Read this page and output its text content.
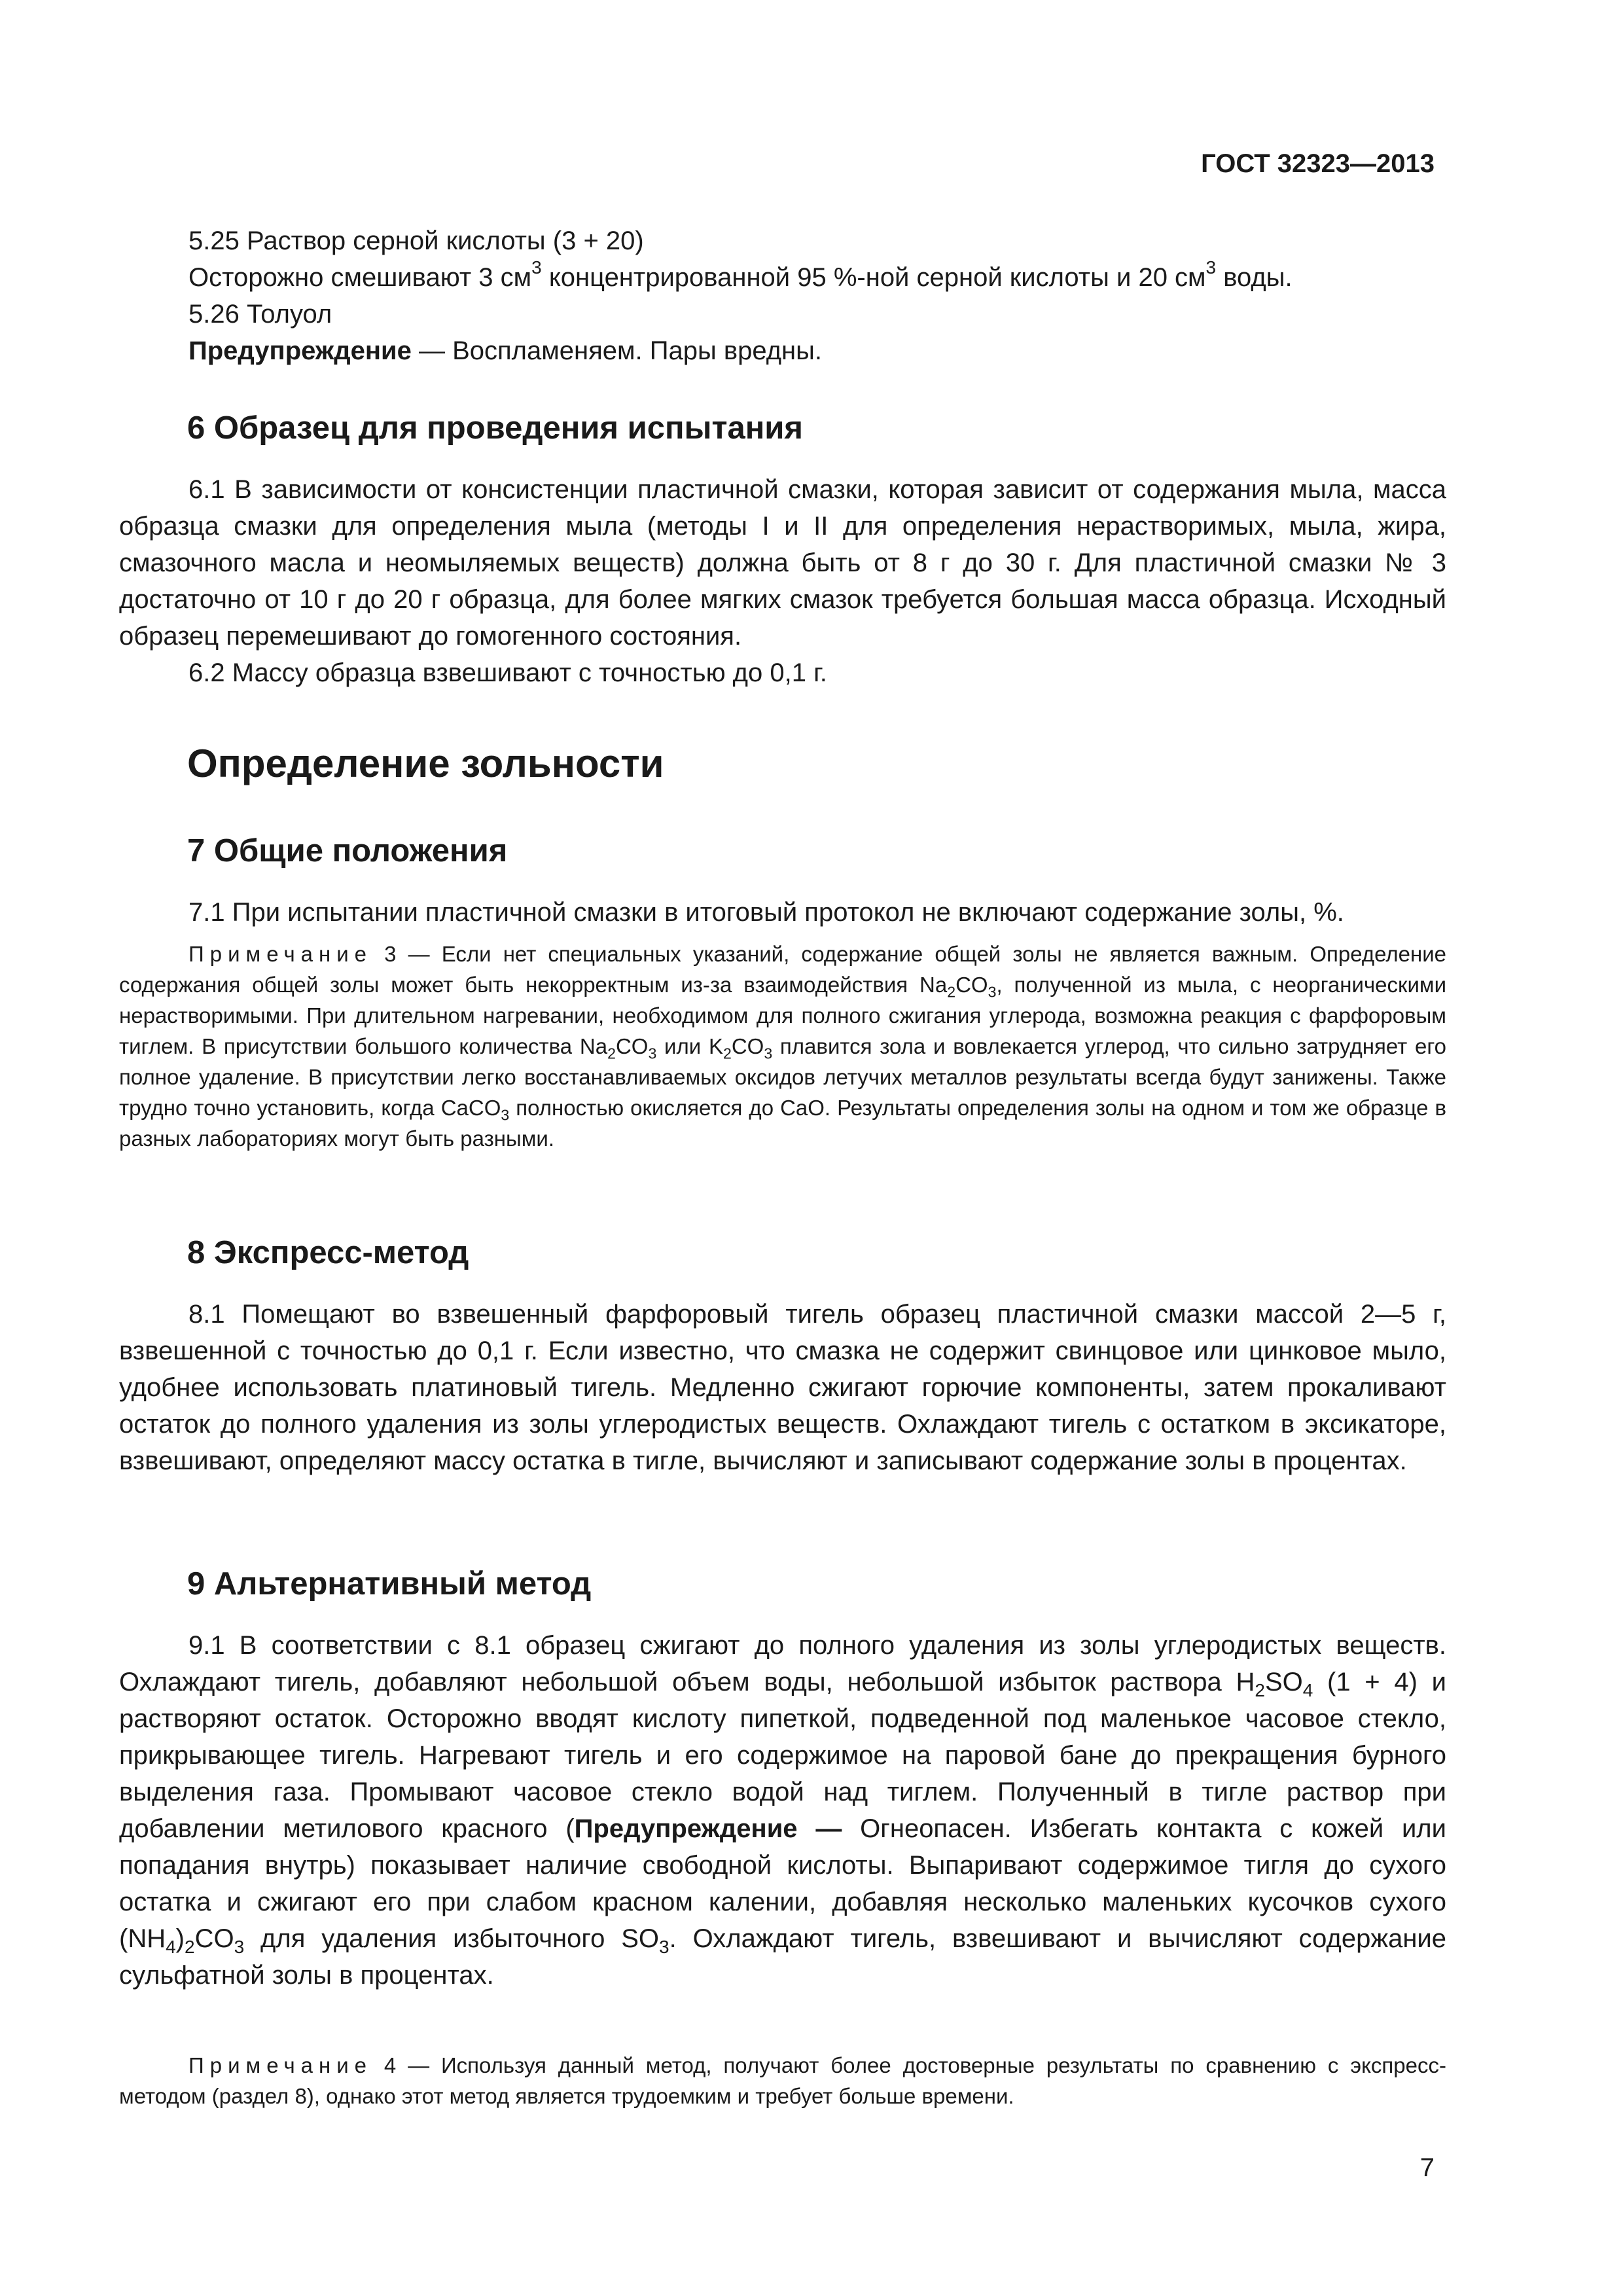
ГОСТ 32323—2013
5.25 Раствор серной кислоты (3 + 20)
Осторожно смешивают 3 $см^3$ концентрированной 95 %-ной серной кислоты и 20 $см^3$ воды.
5.26 Толуол
Предупреждение — Воспламеняем. Пары вредны.
6 Образец для проведения испытания

6.1 В зависимости от консистенции пластичной смазки, которая зависит от содержания мыла, масса образца смазки для определения мыла (методы I и II для определения нерастворимых, мыла, жира, смазочного масла и неомыляемых веществ) должна быть от 8 г до 30 г. Для пластичной смазки № 3 достаточно от 10 г до 20 г образца, для более мягких смазок требуется большая масса образца. Исходный образец перемешивают до гомогенного состояния.

6.2 Массу образца взвешивают с точностью до 0,1 г.

Определение зольности
7 Общие положения

7.1 При испытании пластичной смазки в итоговый протокол не включают содержание золы, %.

Примечание 3 — Если нет специальных указаний, содержание общей золы не является важным. Определение содержания общей золы может быть некорректным из-за взаимодействия $Na_2CO_3$, полученной из мыла, с неорганическими нерастворимыми. При длительном нагревании, необходимом для полного сжигания углерода, возможна реакция с фарфоровым тиглем. В присутствии большого количества $Na_2CO_3$ или $K_2CO_3$ плавится зола и вовлекается углерод, что сильно затрудняет его полное удаление. В присутствии легко восстанавливаемых оксидов летучих металлов результаты всегда будут занижены. Также трудно точно установить, когда CaCO$_3$ полностью окисляется до CaO. Результаты определения золы на одном и том же образце в разных лабораториях могут быть разными.

8 Экспресс-метод

8.1 Помещают во взвешенный фарфоровый тигель образец пластичной смазки массой 2—5 г, взвешенной с точностью до 0,1 г. Если известно, что смазка не содержит свинцовое или цинковое мыло, удобнее использовать платиновый тигель. Медленно сжигают горючие компоненты, затем прокаливают остаток до полного удаления из золы углеродистых веществ. Охлаждают тигель с остатком в эксикаторе, взвешивают, определяют массу остатка в тигле, вычисляют и записывают содержание золы в процентах.

9 Альтернативный метод

9.1 В соответствии с 8.1 образец сжигают до полного удаления из золы углеродистых веществ. Охлаждают тигель, добавляют небольшой объем воды, небольшой избыток раствора $H_2SO_4$ (1 + 4) и растворяют остаток. Осторожно вводят кислоту пипеткой, подведенной под маленькое часовое стекло, прикрывающее тигель. Нагревают тигель и его содержимое на паровой бане до прекращения бурного выделения газа. Промывают часовое стекло водой над тиглем. Полученный в тигле раствор при добавлении метилового красного (Предупреждение — Огнеопасен. Избегать контакта с кожей или попадания внутрь) показывает наличие свободной кислоты. Выпаривают содержимое тигля до сухого остатка и сжигают его при слабом красном калении, добавляя несколько маленьких кусочков сухого $(NH_4)_2CO_3$ для удаления избыточного $SO_3$. Охлаждают тигель, взвешивают и вычисляют содержание сульфатной золы в процентах.

Примечание 4 — Используя данный метод, получают более достоверные результаты по сравнению с экспресс-методом (раздел 8), однако этот метод является трудоемким и требует больше времени.

7
